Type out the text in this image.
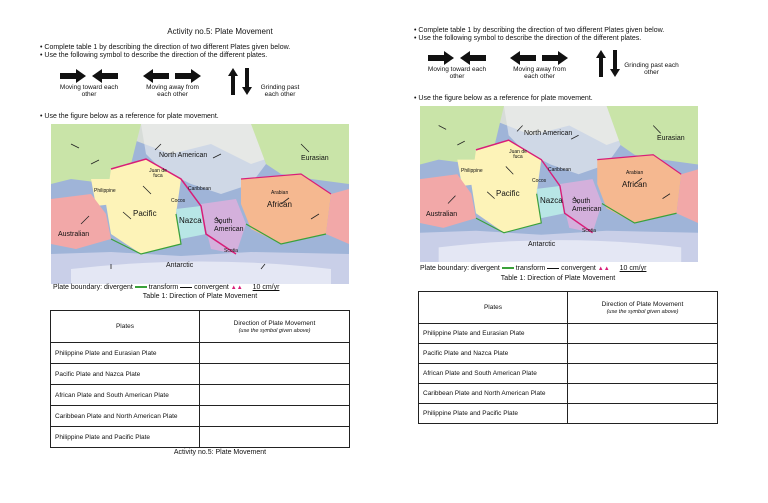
Activity no.5: Plate Movement
• Complete table 1 by describing the direction of two different Plates given below.
• Use the following symbol to describe the direction of the different plates.
Moving toward each other
Moving away from each other
Grinding past each other
• Use the figure below as a reference for plate movement.
North American	Eurasian
Juan de fuca
Philippine	Caribbean
Arabian
Cocos
Pacific
Nazca
African
South American
Australian
Antarctic
Scotia
Plate boundary: divergent transform convergent ▲▲ 10 cm/yr
Table 1: Direction of Plate Movement
Plates	Direction of Plate Movement
(use the symbol given above)
Philippine Plate and Eurasian Plate	
Pacific Plate and Nazca Plate	
African Plate and South American Plate	
Caribbean Plate and North American Plate	
Philippine Plate and Pacific Plate	
Activity no.5: Plate Movement
• Complete table 1 by describing the direction of two different Plates given below.
• Use the following symbol to describe the direction of the different plates.
Moving toward each other
Moving away from each other
Grinding past each other
• Use the figure below as a reference for plate movement.
North American
Eurasian
Juan de fuca
Philippine	Caribbean	Arabian
Cocos
Pacific
Nazca
African
South American
Australian
Antarctic
Scotia
Plate boundary: divergent transform convergent ▲▲ 10 cm/yr
Table 1: Direction of Plate Movement
Plates	Direction of Plate Movement
(use the symbol given above)
Philippine Plate and Eurasian Plate	
Pacific Plate and Nazca Plate	
African Plate and South American Plate	
Caribbean Plate and North American Plate	
Philippine Plate and Pacific Plate	
